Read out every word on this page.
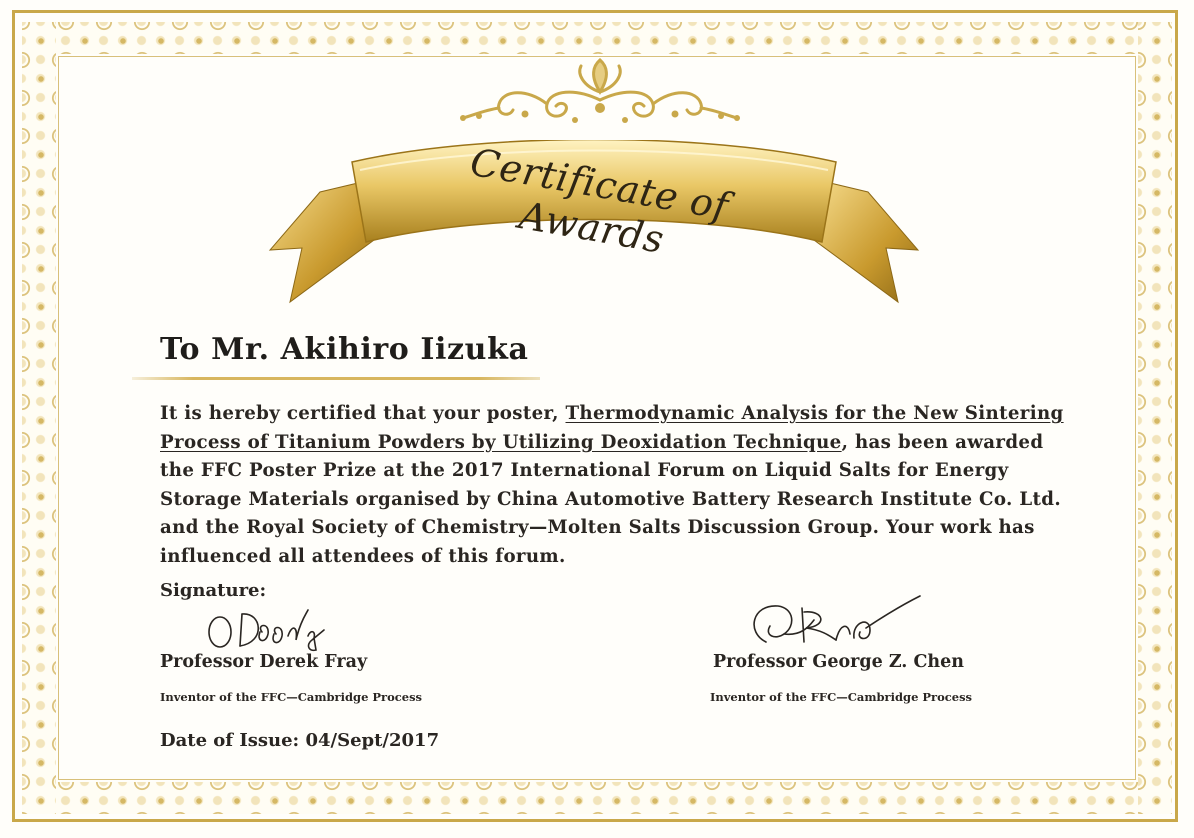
Certificate of Awards
To Mr. Akihiro Iizuka
It is hereby certified that your poster, Thermodynamic Analysis for the New Sintering Process of Titanium Powders by Utilizing Deoxidation Technique, has been awarded the FFC Poster Prize at the 2017 International Forum on Liquid Salts for Energy Storage Materials organised by China Automotive Battery Research Institute Co. Ltd. and the Royal Society of Chemistry—Molten Salts Discussion Group. Your work has influenced all attendees of this forum.
Signature:
Professor Derek Fray
Inventor of the FFC—Cambridge Process
Professor George Z. Chen
Inventor of the FFC—Cambridge Process
Date of Issue: 04/Sept/2017
